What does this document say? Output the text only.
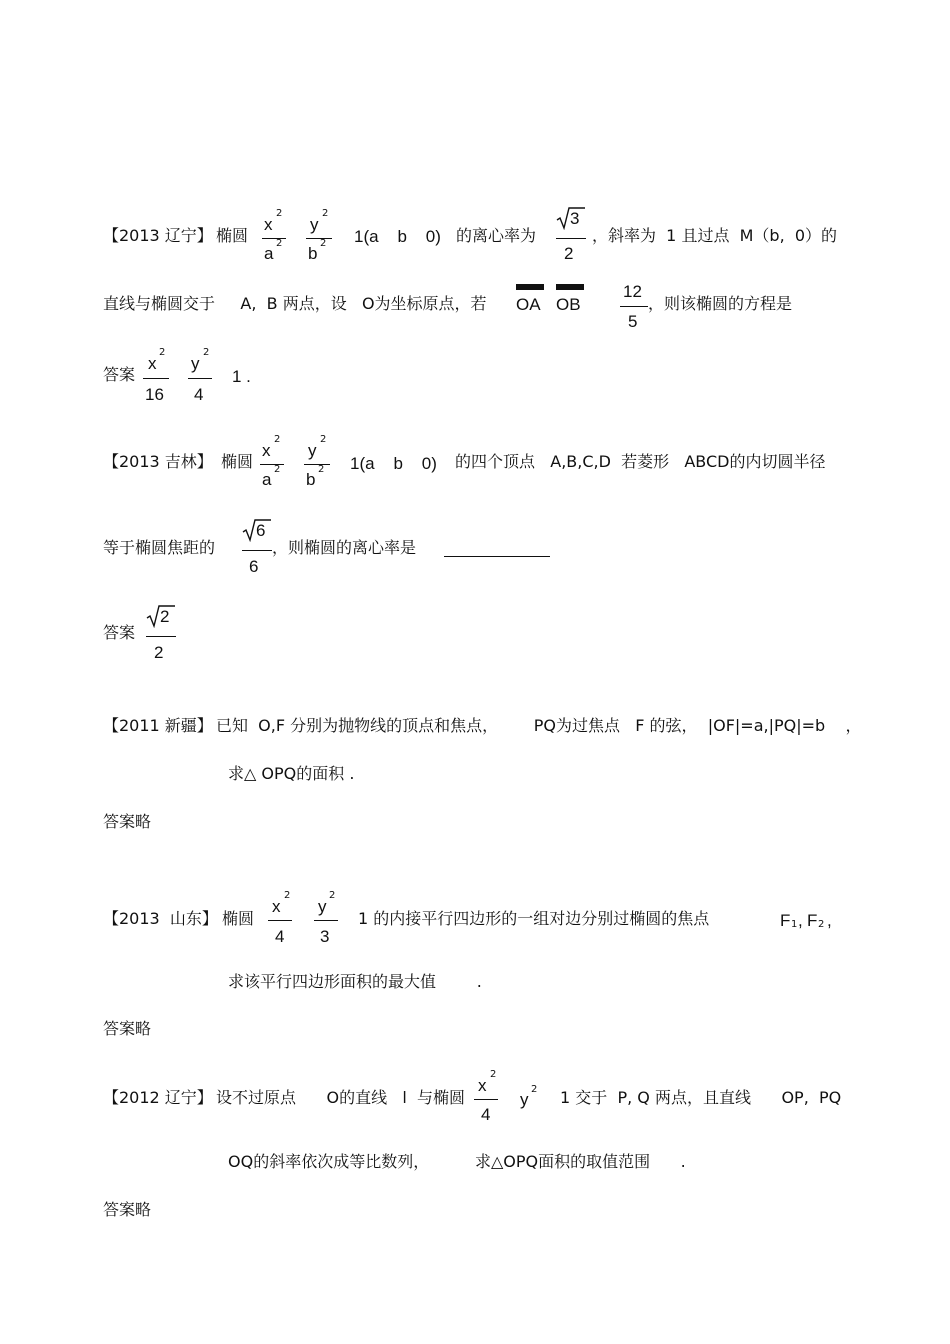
【2013 辽宁】 椭圆
x
2
a
2
y
2
b
2 1(a    b    0) 的离心率为
3
2
，斜率为  1 且过点  M（b,  0）的
直线与椭圆交于     A,  B 两点，设   O为坐标原点，若 OA OB
12
5
，则该椭圆的方程是
答案
x
2
16
y
2
4
1 .
【2013 吉林】 椭圆
x
2
a
2
y
2
b
2 1(a    b    0) 的四个顶点   A,B,C,D  若菱形   ABCD的内切圆半径
等于椭圆焦距的
6
6
，则椭圆的离心率是
答案
2
2
【2011 新疆】 已知  O,F 分别为抛物线的顶点和焦点，       PQ为过焦点   F 的弦，  |OF|=a,|PQ|=b    ，
求△ OPQ的面积 .
答案略
【2013  山东】 椭圆
x
2
4
y
2
3
1 的内接平行四边形的一组对边分别过椭圆的焦点	F 1 , F 2 ,
求该平行四边形面积的最大值        .
答案略
【2012 辽宁】 设不过原点      O的直线   l  与椭圆
x
2
4
y
2 1 交于  P, Q 两点，且直线      OP,  PQ
OQ的斜率依次成等比数列，         求△OPQ面积的取值范围      .
答案略
